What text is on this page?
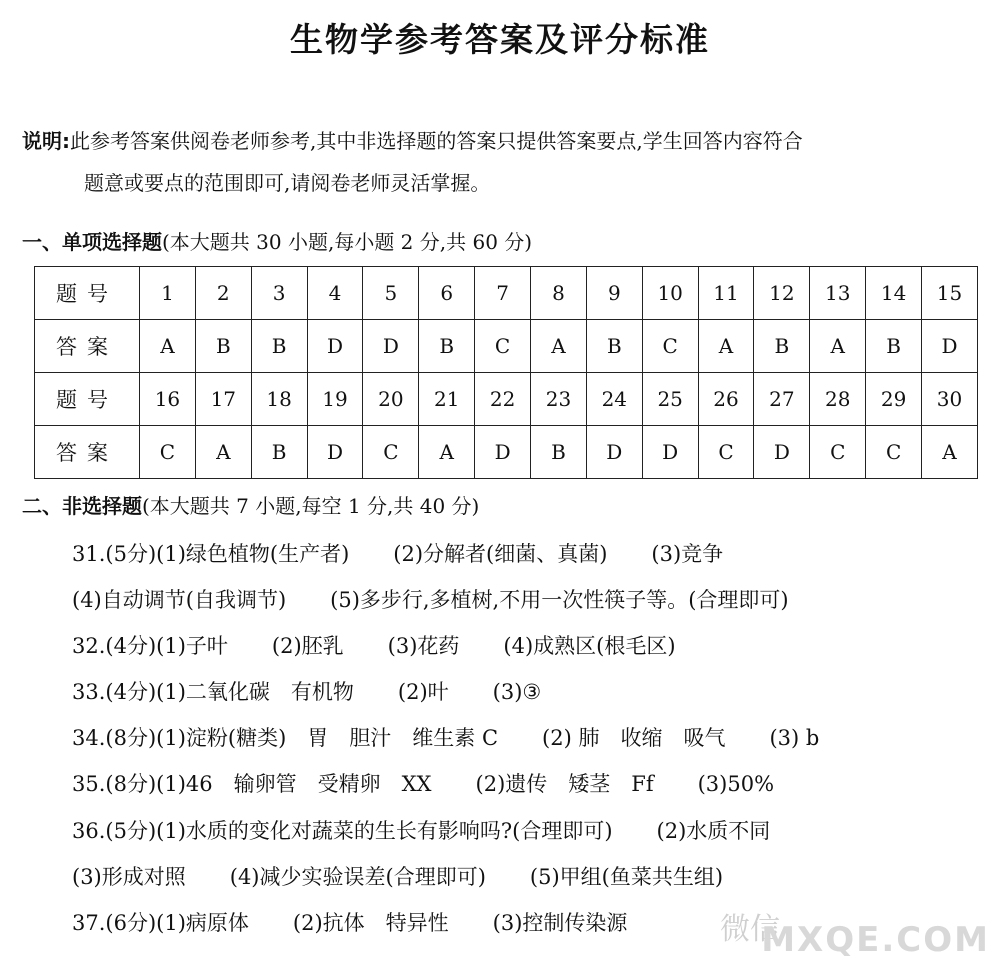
生物学参考答案及评分标准
说明:此参考答案供阅卷老师参考,其中非选择题的答案只提供答案要点,学生回答内容符合
题意或要点的范围即可,请阅卷老师灵活掌握。
一、单项选择题(本大题共 30 小题,每小题 2 分,共 60 分)
题号	1	2	3	4	5	6	7	8	9	10	11	12	13	14	15
答案	A	B	B	D	D	B	C	A	B	C	A	B	A	B	D
题号	16	17	18	19	20	21	22	23	24	25	26	27	28	29	30
答案	C	A	B	D	C	A	D	B	D	D	C	D	C	C	A
二、非选择题(本大题共 7 小题,每空 1 分,共 40 分)
31.(5分)(1)绿色植物(生产者) (2)分解者(细菌、真菌) (3)竞争
(4)自动调节(自我调节) (5)多步行,多植树,不用一次性筷子等。(合理即可)
32.(4分)(1)子叶 (2)胚乳 (3)花药 (4)成熟区(根毛区)
33.(4分)(1)二氧化碳　有机物 (2)叶 (3)③
34.(8分)(1)淀粉(糖类)　胃　胆汁　维生素 C (2) 肺　收缩　吸气 (3) b
35.(8分)(1)46　输卵管　受精卵　XX (2)遗传　矮茎　Ff (3)50%
36.(5分)(1)水质的变化对蔬菜的生长有影响吗?(合理即可) (2)水质不同
(3)形成对照 (4)减少实验误差(合理即可) (5)甲组(鱼菜共生组)
37.(6分)(1)病原体 (2)抗体　特异性 (3)控制传染源	微信
MXQE.COM
